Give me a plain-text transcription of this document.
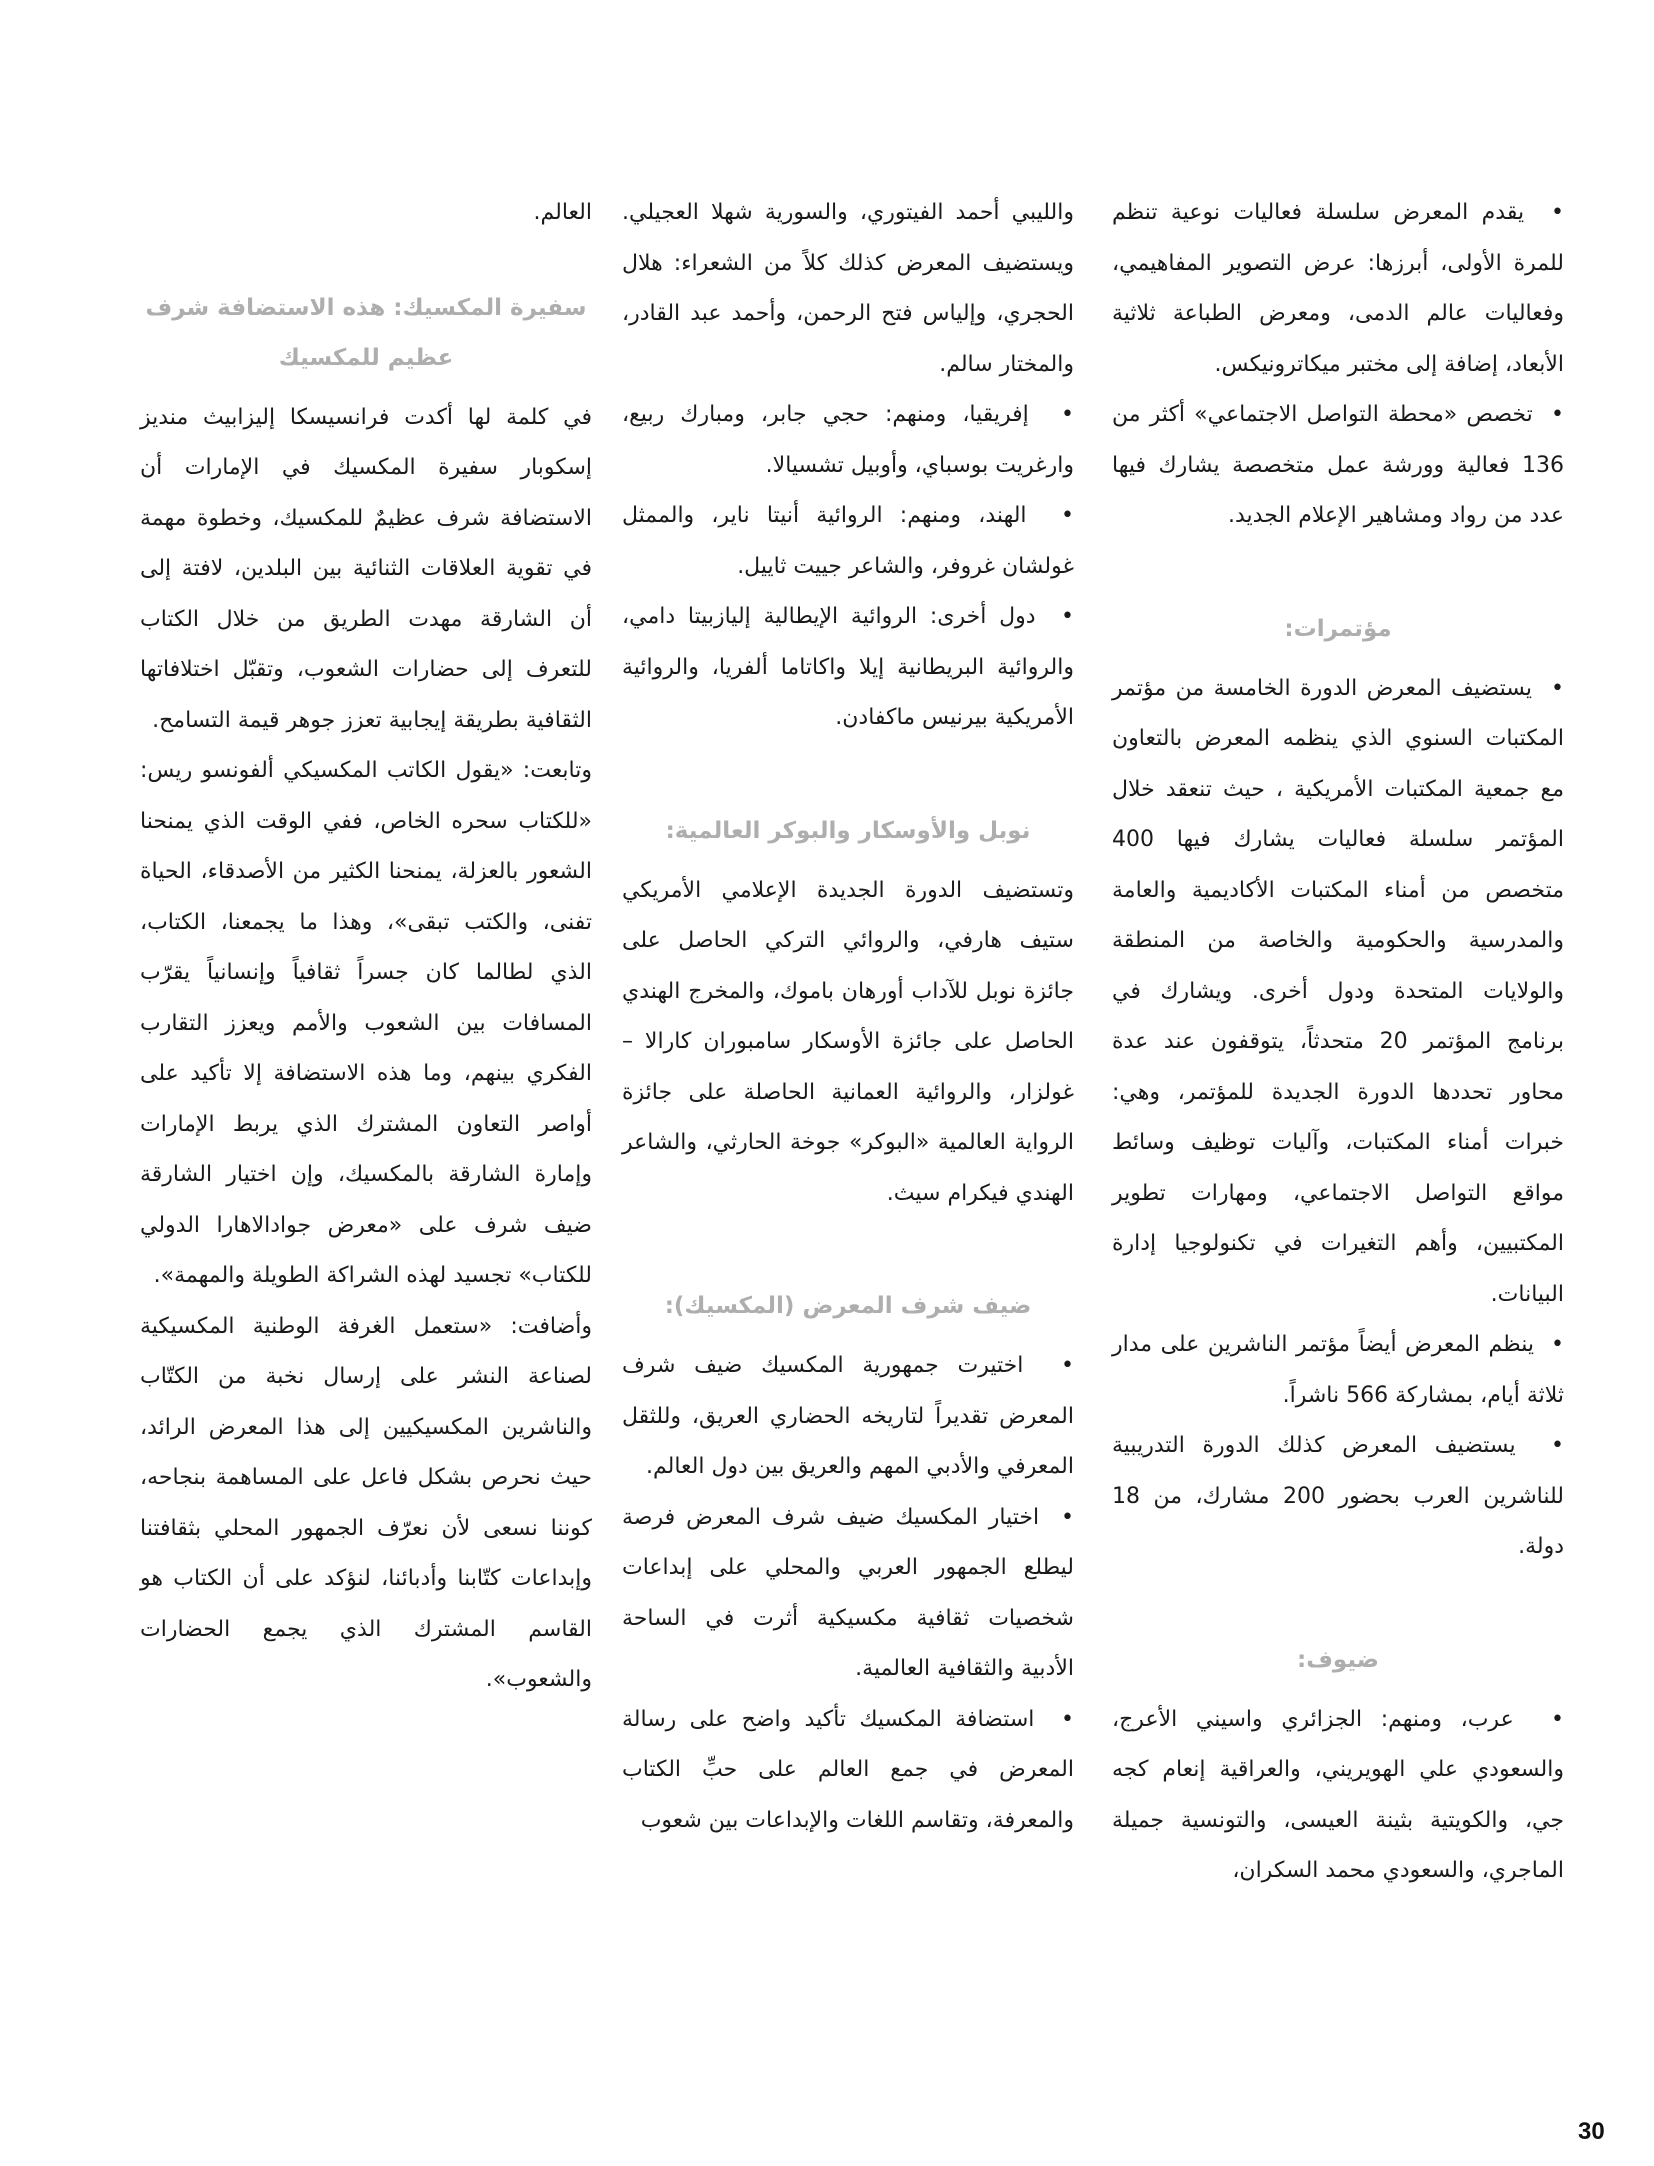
•  يقدم المعرض سلسلة فعاليات نوعية تنظم للمرة الأولى، أبرزها: عرض التصوير المفاهيمي، وفعاليات عالم الدمى، ومعرض الطباعة ثلاثية الأبعاد، إضافة إلى مختبر ميكاترونيكس.

•  تخصص «محطة التواصل الاجتماعي» أكثر من 136 فعالية وورشة عمل متخصصة يشارك فيها عدد من رواد ومشاهير الإعلام الجديد.

مؤتمرات:

•  يستضيف المعرض الدورة الخامسة من مؤتمر المكتبات السنوي الذي ينظمه المعرض بالتعاون مع جمعية المكتبات الأمريكية ، حيث تنعقد خلال المؤتمر سلسلة فعاليات يشارك فيها 400 متخصص من أمناء المكتبات الأكاديمية والعامة والمدرسية والحكومية والخاصة من المنطقة والولايات المتحدة ودول أخرى. ويشارك في برنامج المؤتمر 20 متحدثاً، يتوقفون عند عدة محاور تحددها الدورة الجديدة للمؤتمر، وهي: خبرات أمناء المكتبات، وآليات توظيف وسائط مواقع التواصل الاجتماعي، ومهارات تطوير المكتبيين، وأهم التغيرات في تكنولوجيا إدارة البيانات.

•  ينظم المعرض أيضاً مؤتمر الناشرين على مدار ثلاثة أيام، بمشاركة 566 ناشراً.

•  يستضيف المعرض كذلك الدورة التدريبية للناشرين العرب بحضور 200 مشارك، من 18 دولة.

ضيوف:

•  عرب، ومنهم: الجزائري واسيني الأعرج، والسعودي علي الهويريني، والعراقية إنعام كجه جي، والكويتية بثينة العيسى، والتونسية جميلة الماجري، والسعودي محمد السكران،

والليبي أحمد الفيتوري، والسورية شهلا العجيلي. ويستضيف المعرض كذلك كلاً من الشعراء: هلال الحجري، وإلياس فتح الرحمن، وأحمد عبد القادر، والمختار سالم.

•  إفريقيا، ومنهم: حجي جابر، ومبارك ربيع، وارغريت بوسباي، وأوبيل تشسيالا.

•  الهند، ومنهم: الروائية أنيتا ناير، والممثل غولشان غروفر، والشاعر جييت ثاييل.

•  دول أخرى: الروائية الإيطالية إليازبيتا دامي، والروائية البريطانية إيلا واكاتاما ألفريا، والروائية الأمريكية بيرنيس ماكفادن.

نوبل والأوسكار والبوكر العالمية:

وتستضيف الدورة الجديدة الإعلامي الأمريكي ستيف هارفي، والروائي التركي الحاصل على جائزة نوبل للآداب أورهان باموك، والمخرج الهندي الحاصل على جائزة الأوسكار سامبوران كارالا – غولزار، والروائية العمانية الحاصلة على جائزة الرواية العالمية «البوكر» جوخة الحارثي، والشاعر الهندي فيكرام سيث.

ضيف شرف المعرض (المكسيك):

•  اختيرت جمهورية المكسيك ضيف شرف المعرض تقديراً لتاريخه الحضاري العريق، وللثقل المعرفي والأدبي المهم والعريق بين دول العالم.

•  اختيار المكسيك ضيف شرف المعرض فرصة ليطلع الجمهور العربي والمحلي على إبداعات شخصيات ثقافية مكسيكية أثرت في الساحة الأدبية والثقافية العالمية.

•  استضافة المكسيك تأكيد واضح على رسالة المعرض في جمع العالم على حبِّ الكتاب والمعرفة، وتقاسم اللغات والإبداعات بين شعوب

العالم.

سفيرة المكسيك: هذه الاستضافة شرف عظيم للمكسيك

في كلمة لها أكدت فرانسيسكا إليزابيث منديز إسكوبار سفيرة المكسيك في الإمارات أن الاستضافة شرف عظيمٌ للمكسيك، وخطوة مهمة في تقوية العلاقات الثنائية بين البلدين، لافتة إلى أن الشارقة مهدت الطريق من خلال الكتاب للتعرف إلى حضارات الشعوب، وتقبّل اختلافاتها الثقافية بطريقة إيجابية تعزز جوهر قيمة التسامح.

وتابعت: «يقول الكاتب المكسيكي ألفونسو ريس: «للكتاب سحره الخاص، ففي الوقت الذي يمنحنا الشعور بالعزلة، يمنحنا الكثير من الأصدقاء، الحياة تفنى، والكتب تبقى»، وهذا ما يجمعنا، الكتاب، الذي لطالما كان جسراً ثقافياً وإنسانياً يقرّب المسافات بين الشعوب والأمم ويعزز التقارب الفكري بينهم، وما هذه الاستضافة إلا تأكيد على أواصر التعاون المشترك الذي يربط الإمارات وإمارة الشارقة بالمكسيك، وإن اختيار الشارقة ضيف شرف على «معرض جوادالاهارا الدولي للكتاب» تجسيد لهذه الشراكة الطويلة والمهمة».

وأضافت: «ستعمل الغرفة الوطنية المكسيكية لصناعة النشر على إرسال نخبة من الكتّاب والناشرين المكسيكيين إلى هذا المعرض الرائد، حيث نحرص بشكل فاعل على المساهمة بنجاحه، كوننا نسعى لأن نعرّف الجمهور المحلي بثقافتنا وإبداعات كتّابنا وأدبائنا، لنؤكد على أن الكتاب هو القاسم المشترك الذي يجمع الحضارات والشعوب».

30
